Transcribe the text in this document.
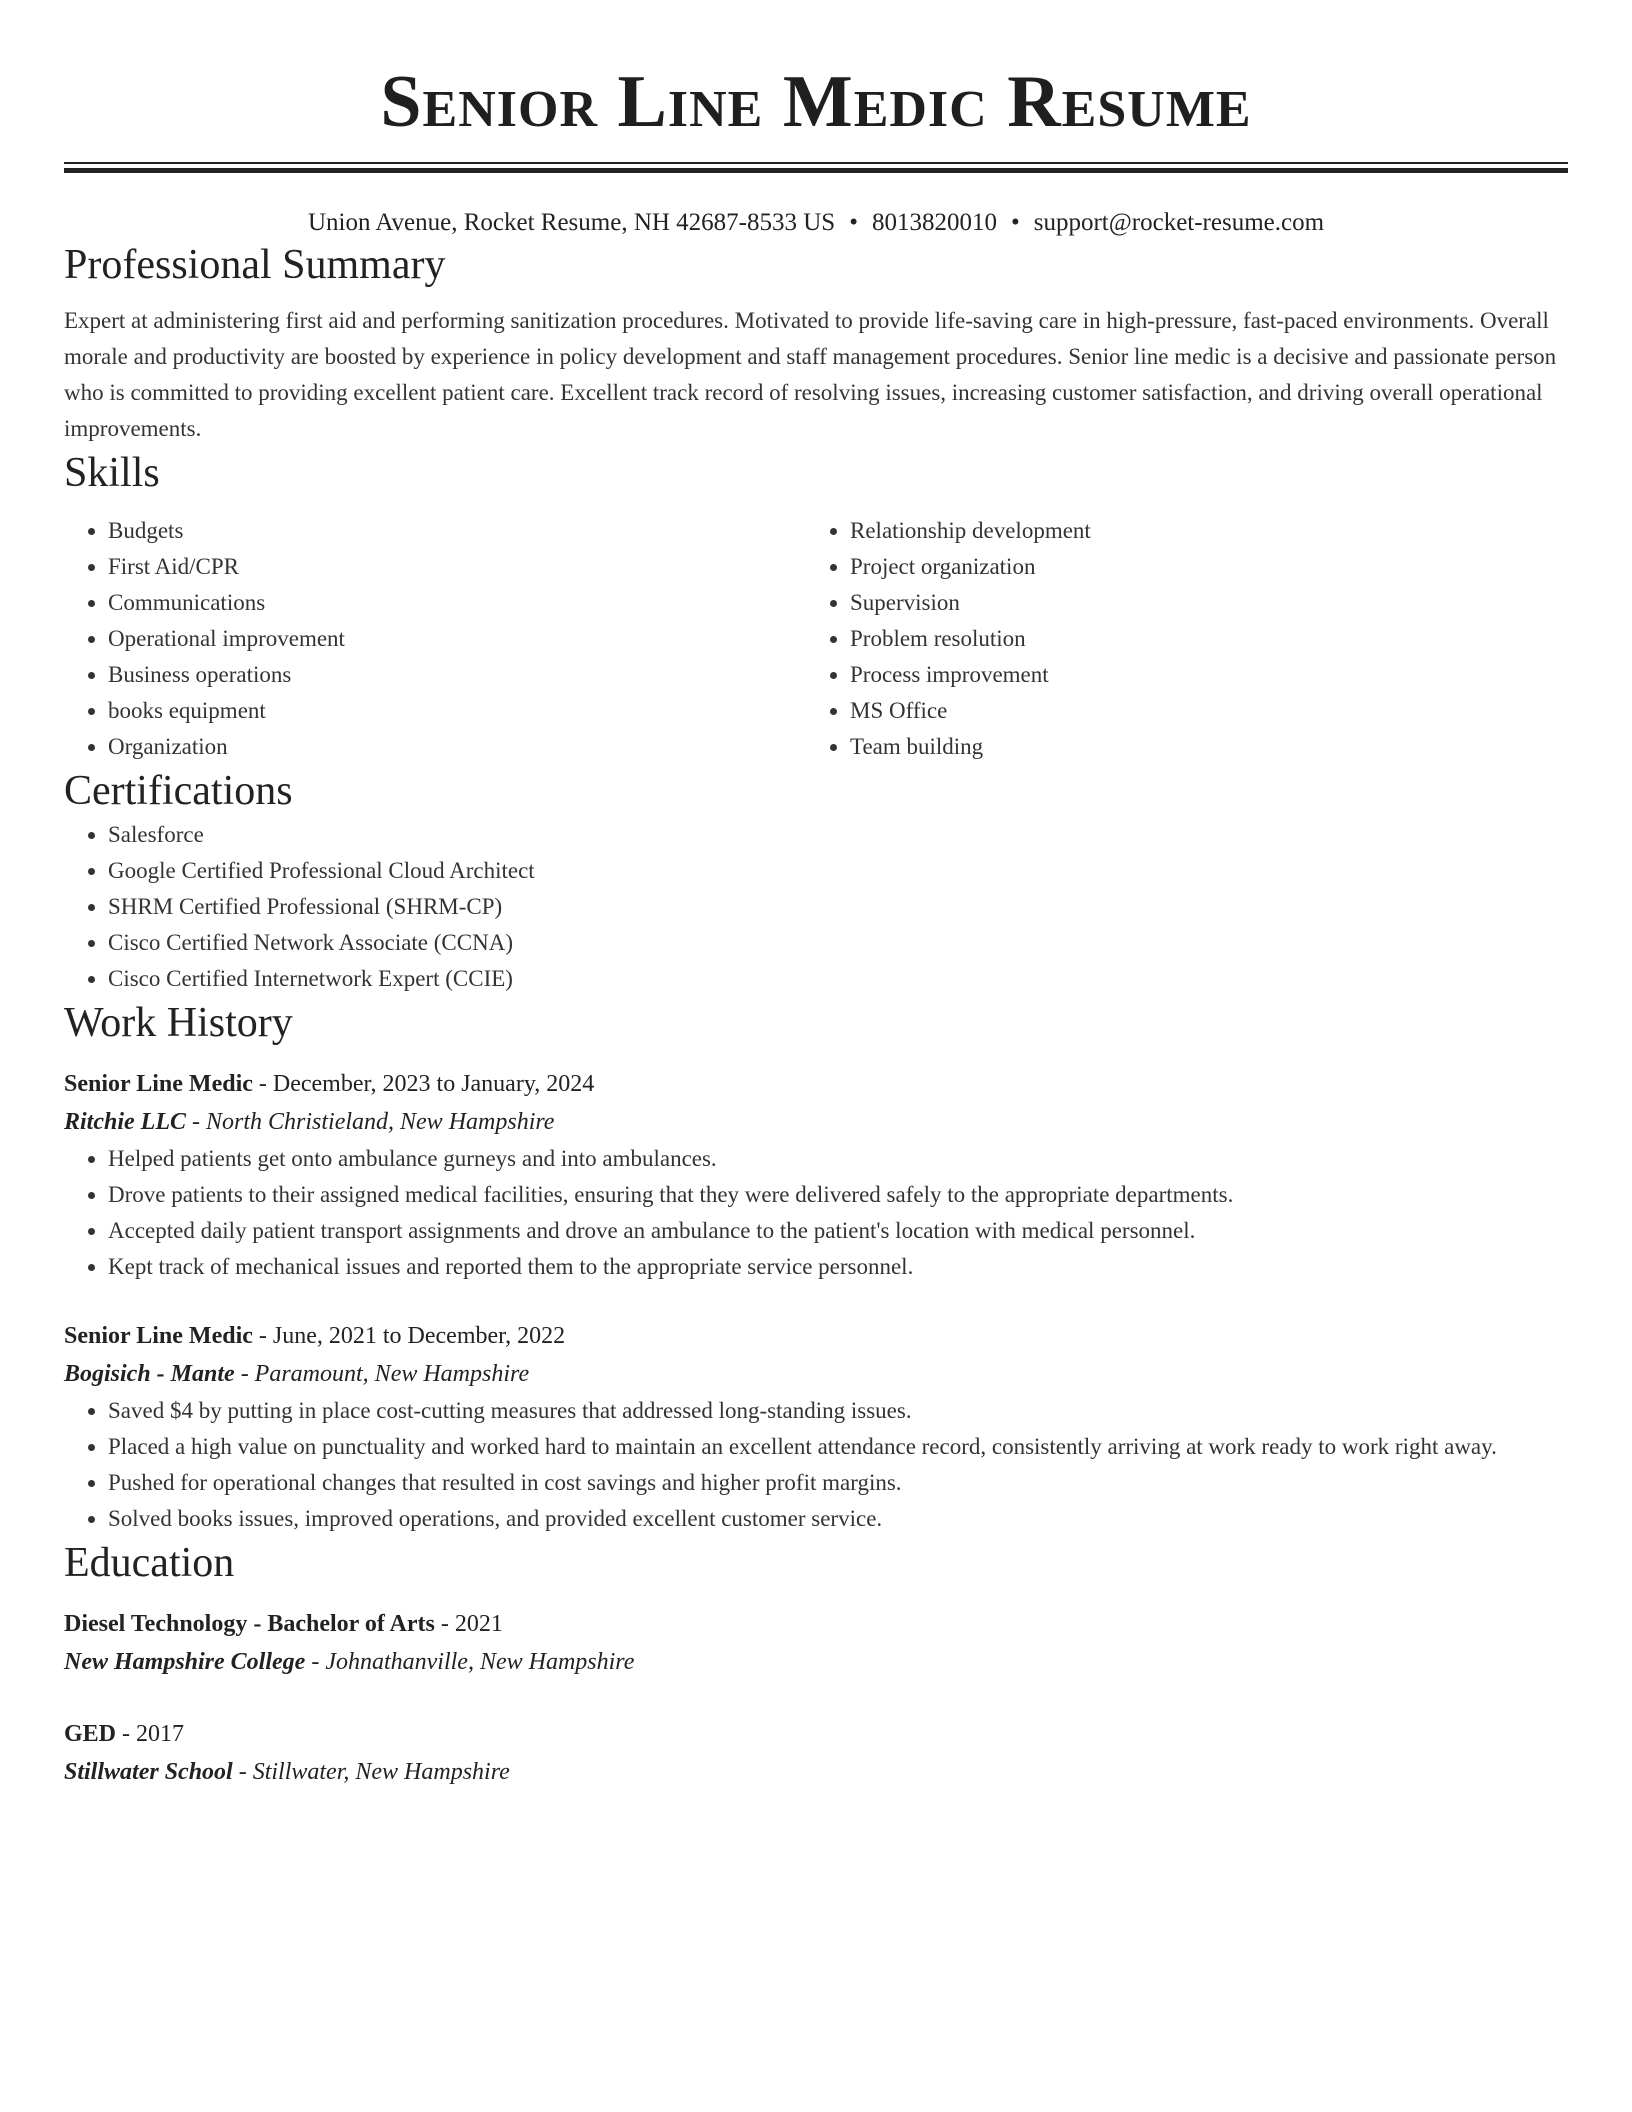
Senior Line Medic Resume
Union Avenue, Rocket Resume, NH 42687-8533 US • 8013820010 • support@rocket-resume.com
Professional Summary
Expert at administering first aid and performing sanitization procedures. Motivated to provide life-saving care in high-pressure, fast-paced environments. Overall morale and productivity are boosted by experience in policy development and staff management procedures. Senior line medic is a decisive and passionate person who is committed to providing excellent patient care. Excellent track record of resolving issues, increasing customer satisfaction, and driving overall operational improvements.
Skills
• Budgets
• First Aid/CPR
• Communications
• Operational improvement
• Business operations
• books equipment
• Organization
• Relationship development
• Project organization
• Supervision
• Problem resolution
• Process improvement
• MS Office
• Team building
Certifications
• Salesforce
• Google Certified Professional Cloud Architect
• SHRM Certified Professional (SHRM-CP)
• Cisco Certified Network Associate (CCNA)
• Cisco Certified Internetwork Expert (CCIE)
Work History
Senior Line Medic - December, 2023 to January, 2024
Ritchie LLC - North Christieland, New Hampshire
• Helped patients get onto ambulance gurneys and into ambulances.
• Drove patients to their assigned medical facilities, ensuring that they were delivered safely to the appropriate departments.
• Accepted daily patient transport assignments and drove an ambulance to the patient's location with medical personnel.
• Kept track of mechanical issues and reported them to the appropriate service personnel.
Senior Line Medic - June, 2021 to December, 2022
Bogisich - Mante - Paramount, New Hampshire
• Saved $4 by putting in place cost-cutting measures that addressed long-standing issues.
• Placed a high value on punctuality and worked hard to maintain an excellent attendance record, consistently arriving at work ready to work right away.
• Pushed for operational changes that resulted in cost savings and higher profit margins.
• Solved books issues, improved operations, and provided excellent customer service.
Education
Diesel Technology - Bachelor of Arts - 2021
New Hampshire College - Johnathanville, New Hampshire
GED - 2017
Stillwater School - Stillwater, New Hampshire
